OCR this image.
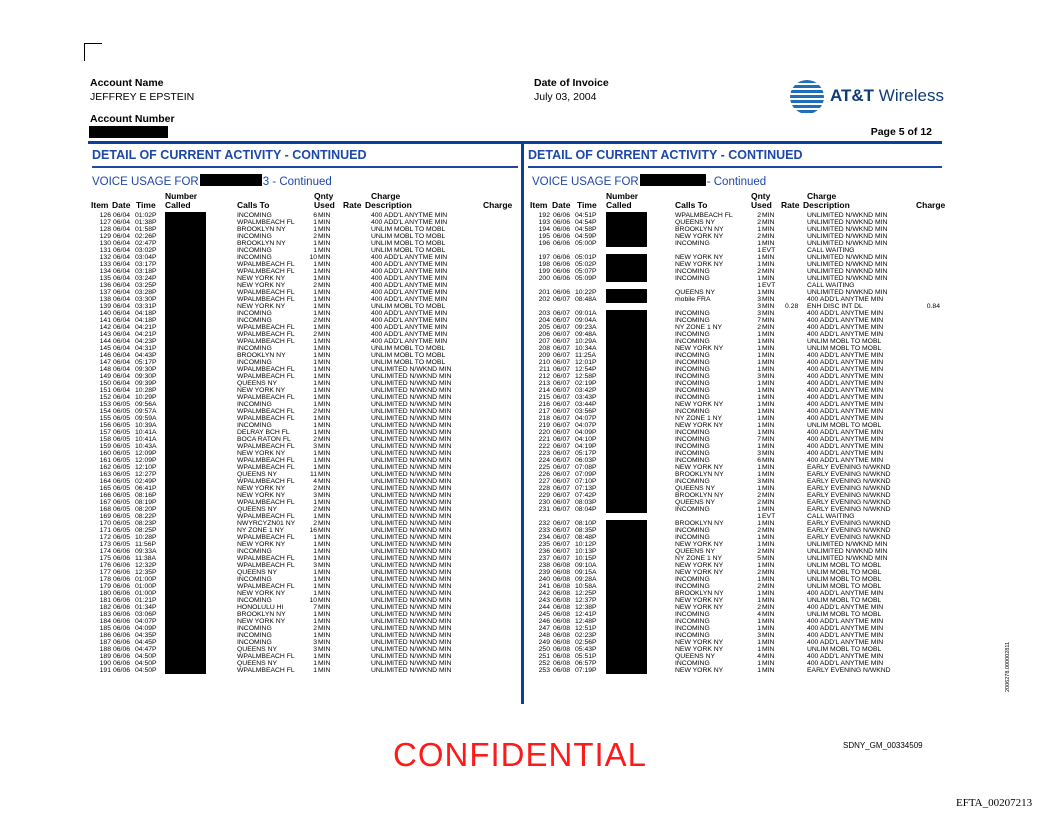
Account Name
JEFFREY E EPSTEIN
Account Number
Date of Invoice
July 03, 2004	AT&T Wireless
Page 5 of 12
DETAIL OF CURRENT ACTIVITY - CONTINUED	DETAIL OF CURRENT ACTIVITY - CONTINUED
VOICE USAGE FOR	3 - Continued	VOICE USAGE FOR	- Continued
Number	Qnty	Charge
Item Date Time Called	Calls To	Used Rate Description	Charge
Number	Qnty	Charge
Item Date Time Called	Calls To	Used Rate Description	Charge
126 06/04 01:02P	INCOMING	6 MIN	400 ADD'L ANYTME MIN
127 06/04 01:38P	WPALMBEACH FL	1 MIN	400 ADD'L ANYTME MIN
128 06/04 01:58P	BROOKLYN NY	1 MIN	UNLIM MOBL TO MOBL
129 06/04 02:26P	INCOMING	2 MIN	UNLIM MOBL TO MOBL
130 06/04 02:47P	BROOKLYN NY	1 MIN	UNLIM MOBL TO MOBL
131 06/04 03:02P	INCOMING	1 MIN	UNLIM MOBL TO MOBL
132 06/04 03:04P	INCOMING	10 MIN	400 ADD'L ANYTME MIN
133 06/04 03:17P	WPALMBEACH FL	1 MIN	400 ADD'L ANYTME MIN
134 06/04 03:18P	WPALMBEACH FL	1 MIN	400 ADD'L ANYTME MIN
135 06/04 03:24P	NEW YORK NY	1 MIN	400 ADD'L ANYTME MIN
136 06/04 03:25P	NEW YORK NY	2 MIN	400 ADD'L ANYTME MIN
137 06/04 03:28P	WPALMBEACH FL	1 MIN	400 ADD'L ANYTME MIN
138 06/04 03:30P	WPALMBEACH FL	1 MIN	400 ADD'L ANYTME MIN
139 06/04 03:31P	NEW YORK NY	1 MIN	UNLIM MOBL TO MOBL
140 06/04 04:18P	INCOMING	1 MIN	400 ADD'L ANYTME MIN
141 06/04 04:18P	INCOMING	2 MIN	400 ADD'L ANYTME MIN
142 06/04 04:21P	WPALMBEACH FL	1 MIN	400 ADD'L ANYTME MIN
143 06/04 04:21P	WPALMBEACH FL	2 MIN	400 ADD'L ANYTME MIN
144 06/04 04:23P	WPALMBEACH FL	1 MIN	400 ADD'L ANYTME MIN
145 06/04 04:31P	INCOMING	1 MIN	UNLIM MOBL TO MOBL
146 06/04 04:43P	BROOKLYN NY	1 MIN	UNLIM MOBL TO MOBL
147 06/04 05:17P	INCOMING	1 MIN	UNLIM MOBL TO MOBL
148 06/04 09:30P	WPALMBEACH FL	1 MIN	UNLIMITED N/WKND MIN
149 06/04 09:30P	WPALMBEACH FL	1 MIN	UNLIMITED N/WKND MIN
150 06/04 09:39P	QUEENS NY	1 MIN	UNLIMITED N/WKND MIN
151 06/04 10:28P	NEW YORK NY	1 MIN	UNLIMITED N/WKND MIN
152 06/04 10:29P	WPALMBEACH FL	1 MIN	UNLIMITED N/WKND MIN
153 06/05 09:56A	INCOMING	1 MIN	UNLIMITED N/WKND MIN
154 06/05 09:57A	WPALMBEACH FL	2 MIN	UNLIMITED N/WKND MIN
155 06/05 09:59A	WPALMBEACH FL	1 MIN	UNLIMITED N/WKND MIN
156 06/05 10:39A	INCOMING	1 MIN	UNLIMITED N/WKND MIN
157 06/05 10:41A	DELRAY BCH FL	1 MIN	UNLIMITED N/WKND MIN
158 06/05 10:41A	BOCA RATON FL	2 MIN	UNLIMITED N/WKND MIN
159 06/05 10:43A	WPALMBEACH FL	3 MIN	UNLIMITED N/WKND MIN
160 06/05 12:09P	NEW YORK NY	1 MIN	UNLIMITED N/WKND MIN
161 06/05 12:09P	WPALMBEACH FL	1 MIN	UNLIMITED N/WKND MIN
162 06/05 12:10P	WPALMBEACH FL	1 MIN	UNLIMITED N/WKND MIN
163 06/05 12:27P	QUEENS NY	11 MIN	UNLIMITED N/WKND MIN
164 06/05 02:49P	WPALMBEACH FL	4 MIN	UNLIMITED N/WKND MIN
165 06/05 06:41P	NEW YORK NY	2 MIN	UNLIMITED N/WKND MIN
166 06/05 08:16P	NEW YORK NY	3 MIN	UNLIMITED N/WKND MIN
167 06/05 08:19P	WPALMBEACH FL	1 MIN	UNLIMITED N/WKND MIN
168 06/05 08:20P	QUEENS NY	2 MIN	UNLIMITED N/WKND MIN
169 06/05 08:22P	WPALMBEACH FL	1 MIN	UNLIMITED N/WKND MIN
170 06/05 08:23P	NWYRCYZN01 NY	2 MIN	UNLIMITED N/WKND MIN
171 06/05 08:25P	NY ZONE 1 NY	16 MIN	UNLIMITED N/WKND MIN
172 06/05 10:28P	WPALMBEACH FL	1 MIN	UNLIMITED N/WKND MIN
173 06/05 11:56P	NEW YORK NY	1 MIN	UNLIMITED N/WKND MIN
174 06/06 09:33A	INCOMING	1 MIN	UNLIMITED N/WKND MIN
175 06/06 11:38A	WPALMBEACH FL	1 MIN	UNLIMITED N/WKND MIN
176 06/06 12:32P	WPALMBEACH FL	3 MIN	UNLIMITED N/WKND MIN
177 06/06 12:35P	QUEENS NY	1 MIN	UNLIMITED N/WKND MIN
178 06/06 01:00P	INCOMING	1 MIN	UNLIMITED N/WKND MIN
179 06/06 01:00P	WPALMBEACH FL	1 MIN	UNLIMITED N/WKND MIN
180 06/06 01:00P	NEW YORK NY	1 MIN	UNLIMITED N/WKND MIN
181 06/06 01:21P	INCOMING	10 MIN	UNLIMITED N/WKND MIN
182 06/06 01:34P	HONOLULU HI	7 MIN	UNLIMITED N/WKND MIN
183 06/06 03:06P	BROOKLYN NY	1 MIN	UNLIMITED N/WKND MIN
184 06/06 04:07P	NEW YORK NY	1 MIN	UNLIMITED N/WKND MIN
185 06/06 04:09P	INCOMING	2 MIN	UNLIMITED N/WKND MIN
186 06/06 04:35P	INCOMING	1 MIN	UNLIMITED N/WKND MIN
187 06/06 04:45P	INCOMING	3 MIN	UNLIMITED N/WKND MIN
188 06/06 04:47P	QUEENS NY	3 MIN	UNLIMITED N/WKND MIN
189 06/06 04:50P	WPALMBEACH FL	1 MIN	UNLIMITED N/WKND MIN
190 06/06 04:50P	QUEENS NY	1 MIN	UNLIMITED N/WKND MIN
191 06/06 04:50P	WPALMBEACH FL	1 MIN	UNLIMITED N/WKND MIN
192 06/06 04:51P	WPALMBEACH FL	2 MIN	UNLIMITED N/WKND MIN
193 06/06 04:54P	QUEENS NY	2 MIN	UNLIMITED N/WKND MIN
194 06/06 04:58P	BROOKLYN NY	1 MIN	UNLIMITED N/WKND MIN
195 06/06 04:59P	NEW YORK NY	2 MIN	UNLIMITED N/WKND MIN
196 06/06 05:00P	INCOMING	1 MIN	UNLIMITED N/WKND MIN
1 EVT	CALL WAITING
197 06/06 05:01P	NEW YORK NY	1 MIN	UNLIMITED N/WKND MIN
198 06/06 05:02P	NEW YORK NY	1 MIN	UNLIMITED N/WKND MIN
199 06/06 05:07P	INCOMING	2 MIN	UNLIMITED N/WKND MIN
200 06/06 05:09P	INCOMING	1 MIN	UNLIMITED N/WKND MIN
1 EVT	CALL WAITING
201 06/06 10:22P	QUEENS NY	1 MIN	UNLIMITED N/WKND MIN
202 06/07 08:48A	mobile FRA	3 MIN	400 ADD'L ANYTME MIN
3 MIN 0.28 ENH DISC INT DL	0.84
203 06/07 09:01A	INCOMING	3 MIN	400 ADD'L ANYTME MIN
204 06/07 09:04A	INCOMING	7 MIN	400 ADD'L ANYTME MIN
205 06/07 09:23A	NY ZONE 1 NY	2 MIN	400 ADD'L ANYTME MIN
206 06/07 09:48A	INCOMING	1 MIN	400 ADD'L ANYTME MIN
207 06/07 10:29A	INCOMING	1 MIN	UNLIM MOBL TO MOBL
208 06/07 10:34A	NEW YORK NY	1 MIN	UNLIM MOBL TO MOBL
209 06/07 11:25A	INCOMING	1 MIN	400 ADD'L ANYTME MIN
210 06/07 12:01P	INCOMING	1 MIN	400 ADD'L ANYTME MIN
211 06/07 12:54P	INCOMING	1 MIN	400 ADD'L ANYTME MIN
212 06/07 12:58P	INCOMING	3 MIN	400 ADD'L ANYTME MIN
213 06/07 02:19P	INCOMING	1 MIN	400 ADD'L ANYTME MIN
214 06/07 03:42P	INCOMING	1 MIN	400 ADD'L ANYTME MIN
215 06/07 03:43P	INCOMING	1 MIN	400 ADD'L ANYTME MIN
216 06/07 03:44P	NEW YORK NY	1 MIN	400 ADD'L ANYTME MIN
217 06/07 03:56P	INCOMING	1 MIN	400 ADD'L ANYTME MIN
218 06/07 04:07P	NY ZONE 1 NY	1 MIN	400 ADD'L ANYTME MIN
219 06/07 04:07P	NEW YORK NY	1 MIN	UNLIM MOBL TO MOBL
220 06/07 04:09P	INCOMING	1 MIN	400 ADD'L ANYTME MIN
221 06/07 04:10P	INCOMING	7 MIN	400 ADD'L ANYTME MIN
222 06/07 04:19P	INCOMING	1 MIN	400 ADD'L ANYTME MIN
223 06/07 05:17P	INCOMING	3 MIN	400 ADD'L ANYTME MIN
224 06/07 06:03P	INCOMING	6 MIN	400 ADD'L ANYTME MIN
225 06/07 07:08P	NEW YORK NY	1 MIN	EARLY EVENING N/WKND
226 06/07 07:09P	BROOKLYN NY	1 MIN	EARLY EVENING N/WKND
227 06/07 07:10P	INCOMING	3 MIN	EARLY EVENING N/WKND
228 06/07 07:13P	QUEENS NY	1 MIN	EARLY EVENING N/WKND
229 06/07 07:42P	BROOKLYN NY	2 MIN	EARLY EVENING N/WKND
230 06/07 08:03P	QUEENS NY	2 MIN	EARLY EVENING N/WKND
231 06/07 08:04P	INCOMING	1 MIN	EARLY EVENING N/WKND
1 EVT	CALL WAITING
232 06/07 08:10P	BROOKLYN NY	1 MIN	EARLY EVENING N/WKND
233 06/07 08:35P	INCOMING	2 MIN	EARLY EVENING N/WKND
234 06/07 08:48P	INCOMING	1 MIN	EARLY EVENING N/WKND
235 06/07 10:12P	NEW YORK NY	1 MIN	UNLIMITED N/WKND MIN
236 06/07 10:13P	QUEENS NY	2 MIN	UNLIMITED N/WKND MIN
237 06/07 10:15P	NY ZONE 1 NY	5 MIN	UNLIMITED N/WKND MIN
238 06/08 09:10A	NEW YORK NY	1 MIN	UNLIM MOBL TO MOBL
239 06/08 09:15A	NEW YORK NY	2 MIN	UNLIM MOBL TO MOBL
240 06/08 09:28A	INCOMING	1 MIN	UNLIM MOBL TO MOBL
241 06/08 10:58A	INCOMING	2 MIN	UNLIM MOBL TO MOBL
242 06/08 12:25P	BROOKLYN NY	1 MIN	400 ADD'L ANYTME MIN
243 06/08 12:37P	NEW YORK NY	1 MIN	UNLIM MOBL TO MOBL
244 06/08 12:38P	NEW YORK NY	2 MIN	400 ADD'L ANYTME MIN
245 06/08 12:41P	INCOMING	4 MIN	UNLIM MOBL TO MOBL
246 06/08 12:48P	INCOMING	1 MIN	400 ADD'L ANYTME MIN
247 06/08 12:51P	INCOMING	1 MIN	400 ADD'L ANYTME MIN
248 06/08 02:23P	INCOMING	3 MIN	400 ADD'L ANYTME MIN
249 06/08 02:56P	NEW YORK NY	1 MIN	400 ADD'L ANYTME MIN
250 06/08 05:43P	NEW YORK NY	1 MIN	UNLIM MOBL TO MOBL
251 06/08 05:51P	QUEENS NY	4 MIN	400 ADD'L ANYTME MIN
252 06/08 06:57P	INCOMING	1 MIN	400 ADD'L ANYTME MIN
253 06/08 07:19P	NEW YORK NY	1 MIN	EARLY EVENING N/WKND
CONFIDENTIAL	SDNY_GM_00334509
EFTA_00207213
2006278.000002811
